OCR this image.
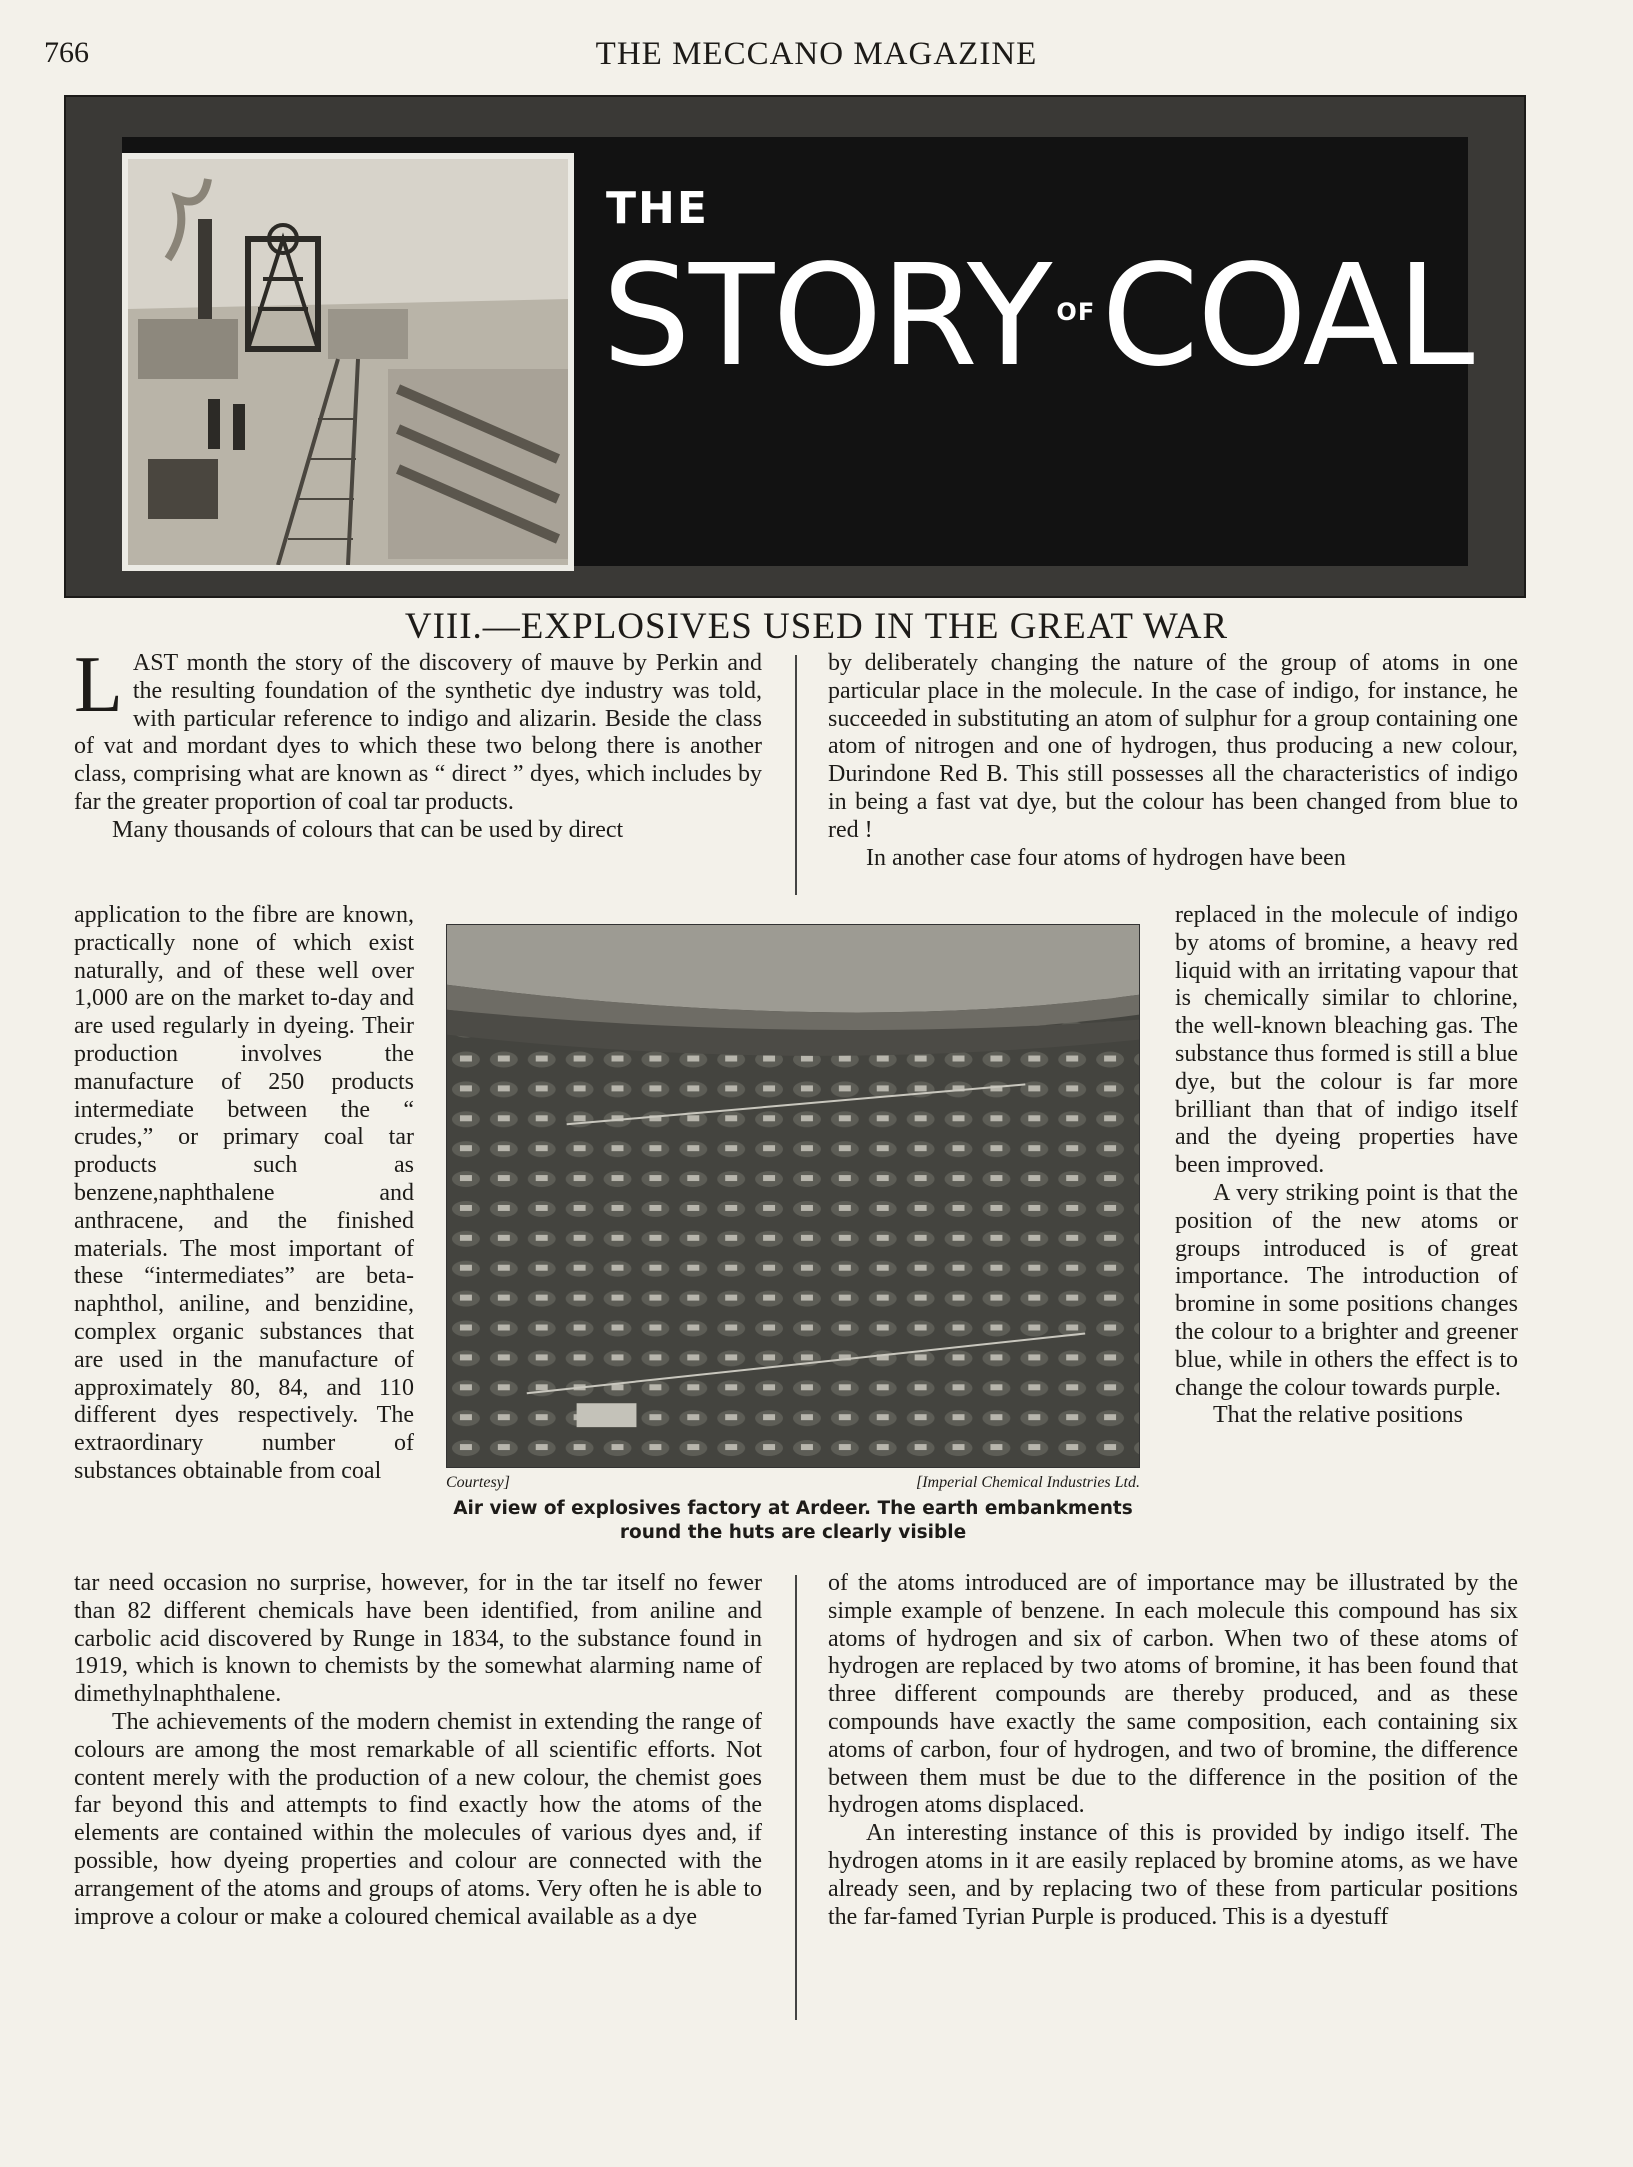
766	THE MECCANO MAGAZINE
THE
STORY $^{OF}$COAL
VIII.—EXPLOSIVES USED IN THE GREAT WAR

LAST month the story of the discovery of mauve by Perkin and the resulting foundation of the synthetic dye industry was told, with particular reference to indigo and alizarin. Beside the class of vat and mordant dyes to which these two belong there is another class, comprising what are known as “ direct ” dyes, which includes by far the greater proportion of coal tar products.

Many thousands of colours that can be used by direct

application to the fibre are known, practically none of which exist naturally, and of these well over 1,000 are on the market to-day and are used regularly in dyeing. Their production involves the manufacture of 250 products intermediate between the “ crudes,” or primary coal tar products such as benzene,naphthalene and anthracene, and the finished materials. The most important of these “intermediates” are beta-naphthol, aniline, and benzidine, complex organic substances that are used in the manufacture of approximately 80, 84, and 110 different dyes respectively. The extraordinary number of substances obtainable from coal

tar need occasion no surprise, however, for in the tar itself no fewer than 82 different chemicals have been identified, from aniline and carbolic acid discovered by Runge in 1834, to the substance found in 1919, which is known to chemists by the somewhat alarming name of dimethylnaphthalene.

The achievements of the modern chemist in extending the range of colours are among the most remarkable of all scientific efforts. Not content merely with the production of a new colour, the chemist goes far beyond this and attempts to find exactly how the atoms of the elements are contained within the molecules of various dyes and, if possible, how dyeing properties and colour are connected with the arrangement of the atoms and groups of atoms. Very often he is able to improve a colour or make a coloured chemical available as a dye

by deliberately changing the nature of the group of atoms in one particular place in the molecule. In the case of indigo, for instance, he succeeded in substituting an atom of sulphur for a group containing one atom of nitrogen and one of hydrogen, thus producing a new colour, Durindone Red B. This still possesses all the characteristics of indigo in being a fast vat dye, but the colour has been changed from blue to red !

In another case four atoms of hydrogen have been

replaced in the molecule of indigo by atoms of bromine, a heavy red liquid with an irritating vapour that is chemically similar to chlorine, the well-known bleaching gas. The substance thus formed is still a blue dye, but the colour is far more brilliant than that of indigo itself and the dyeing properties have been improved.

A very striking point is that the position of the new atoms or groups introduced is of great importance. The introduction of bromine in some positions changes the colour to a brighter and greener blue, while in others the effect is to change the colour towards purple.

That the relative positions

of the atoms introduced are of importance may be illustrated by the simple example of benzene. In each molecule this compound has six atoms of hydrogen and six of carbon. When two of these atoms of hydrogen are replaced by two atoms of bromine, it has been found that three different compounds are thereby produced, and as these compounds have exactly the same composition, each containing six atoms of carbon, four of hydrogen, and two of bromine, the difference between them must be due to the difference in the position of the hydrogen atoms displaced.

An interesting instance of this is provided by indigo itself. The hydrogen atoms in it are easily replaced by bromine atoms, as we have already seen, and by replacing two of these from particular positions the far-famed Tyrian Purple is produced. This is a dyestuff

Courtesy]	[Imperial Chemical Industries Ltd.
Air view of explosives factory at Ardeer. The earth embankments round the huts are clearly visible
